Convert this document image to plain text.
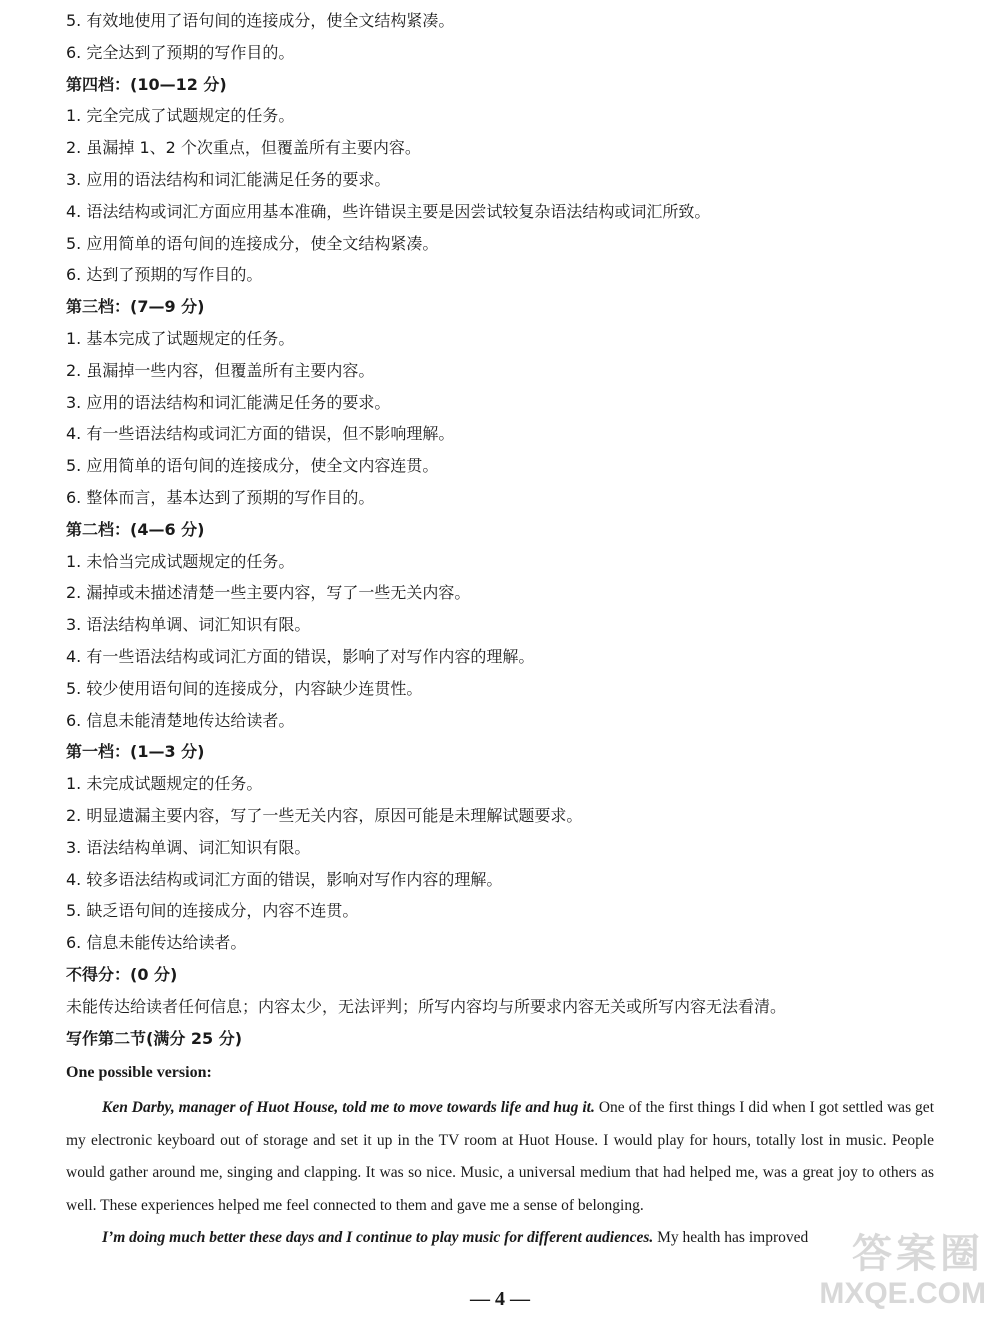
5. 有效地使用了语句间的连接成分，使全文结构紧凑。
6. 完全达到了预期的写作目的。
第四档：(10—12 分)
1. 完全完成了试题规定的任务。
2. 虽漏掉 1、2 个次重点，但覆盖所有主要内容。
3. 应用的语法结构和词汇能满足任务的要求。
4. 语法结构或词汇方面应用基本准确，些许错误主要是因尝试较复杂语法结构或词汇所致。
5. 应用简单的语句间的连接成分，使全文结构紧凑。
6. 达到了预期的写作目的。
第三档：(7—9 分)
1. 基本完成了试题规定的任务。
2. 虽漏掉一些内容，但覆盖所有主要内容。
3. 应用的语法结构和词汇能满足任务的要求。
4. 有一些语法结构或词汇方面的错误，但不影响理解。
5. 应用简单的语句间的连接成分，使全文内容连贯。
6. 整体而言，基本达到了预期的写作目的。
第二档：(4—6 分)
1. 未恰当完成试题规定的任务。
2. 漏掉或未描述清楚一些主要内容，写了一些无关内容。
3. 语法结构单调、词汇知识有限。
4. 有一些语法结构或词汇方面的错误，影响了对写作内容的理解。
5. 较少使用语句间的连接成分，内容缺少连贯性。
6. 信息未能清楚地传达给读者。
第一档：(1—3 分)
1. 未完成试题规定的任务。
2. 明显遗漏主要内容，写了一些无关内容，原因可能是未理解试题要求。
3. 语法结构单调、词汇知识有限。
4. 较多语法结构或词汇方面的错误，影响对写作内容的理解。
5. 缺乏语句间的连接成分，内容不连贯。
6. 信息未能传达给读者。
不得分：(0 分)
未能传达给读者任何信息；内容太少，无法评判；所写内容均与所要求内容无关或所写内容无法看清。
写作第二节(满分 25 分)
One possible version:

Ken Darby, manager of Huot House, told me to move towards life and hug it. One of the first things I did when I got settled was get my electronic keyboard out of storage and set it up in the TV room at Huot House. I would play for hours, totally lost in music. People would gather around me, singing and clapping. It was so nice. Music, a universal medium that had helped me, was a great joy to others as well. These experiences helped me feel connected to them and gave me a sense of belonging.

I’m doing much better these days and I continue to play music for different audiences. My health has improved

— 4 —
答案圈
MXQE.COM
